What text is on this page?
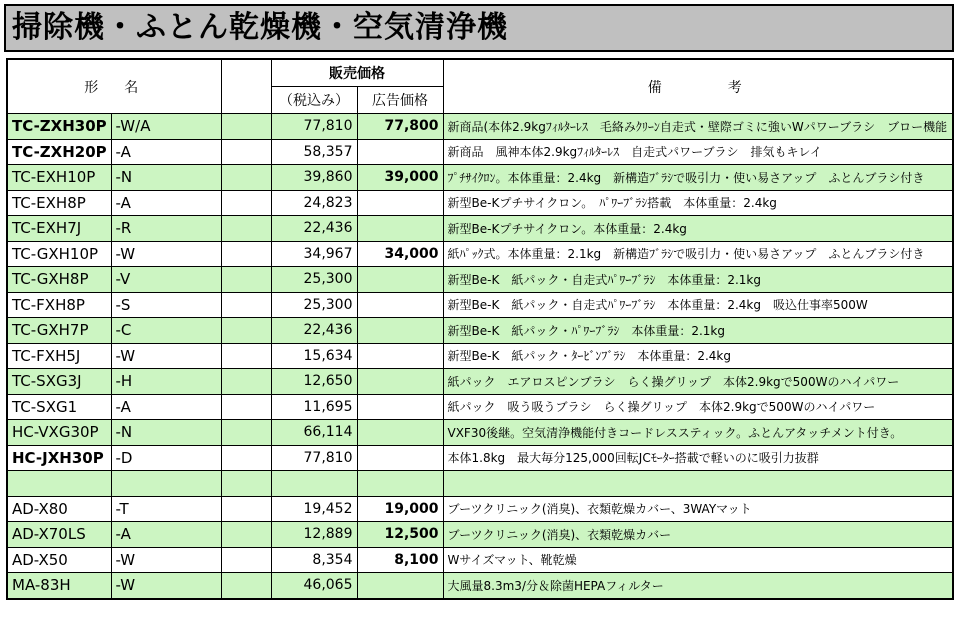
掃除機・ふとん乾燥機・空気清浄機
形　名			販売価格		備　　　考
			（税込み）	広告価格	
TC-ZXH30P	-W/A		77,810	77,800	新商品(本体2.9kgﾌｨﾙﾀｰﾚｽ　毛絡みｸﾘｰﾝ自走式・壁際ゴミに強いWパワーブラシ　ブロー機能
TC-ZXH20P	-A		58,357		新商品　風神本体2.9kgﾌｨﾙﾀｰﾚｽ　自走式パワーブラシ　排気もキレイ
TC-EXH10P	-N		39,860	39,000	ﾌﾟﾁｻｲｸﾛﾝ。本体重量：2.4kg　新構造ﾌﾞﾗｼで吸引力・使い易さアップ　ふとんブラシ付き
TC-EXH8P	-A		24,823		新型Be-Kプチサイクロン。　ﾊﾟﾜｰﾌﾞﾗｼ搭載　本体重量：2.4kg
TC-EXH7J	-R		22,436		新型Be-Kプチサイクロン。本体重量：2.4kg
TC-GXH10P	-W		34,967	34,000	紙ﾊﾟｯｸ式。本体重量：2.1kg　新構造ﾌﾞﾗｼで吸引力・使い易さアップ　ふとんブラシ付き
TC-GXH8P	-V		25,300		新型Be-K　紙パック・自走式ﾊﾟﾜｰﾌﾞﾗｼ　本体重量：2.1kg
TC-FXH8P	-S		25,300		新型Be-K　紙パック・自走式ﾊﾟﾜｰﾌﾞﾗｼ　本体重量：2.4kg　吸込仕事率500W
TC-GXH7P	-C		22,436		新型Be-K　紙パック・ﾊﾟﾜｰﾌﾞﾗｼ　本体重量：2.1kg
TC-FXH5J	-W		15,634		新型Be-K　紙パック・ﾀｰﾋﾞﾝﾌﾞﾗｼ　本体重量：2.4kg
TC-SXG3J	-H		12,650		紙パック　エアロスピンブラシ　らく操グリップ　本体2.9kgで500Wのハイパワー
TC-SXG1	-A		11,695		紙パック　吸う吸うブラシ　らく操グリップ　本体2.9kgで500Wのハイパワー
HC-VXG30P	-N		66,114		VXF30後継。空気清浄機能付きコードレススティック。ふとんアタッチメント付き。
HC-JXH30P	-D		77,810		本体1.8kg　最大毎分125,000回転JCﾓｰﾀｰ搭載で軽いのに吸引力抜群

AD-X80	-T		19,452	19,000	ブーツクリニック(消臭)、衣類乾燥カバー、3WAYマット
AD-X70LS	-A		12,889	12,500	ブーツクリニック(消臭)、衣類乾燥カバー
AD-X50	-W		8,354	8,100	Wサイズマット、靴乾燥
MA-83H	-W		46,065		大風量8.3m3/分＆除菌HEPAフィルター
